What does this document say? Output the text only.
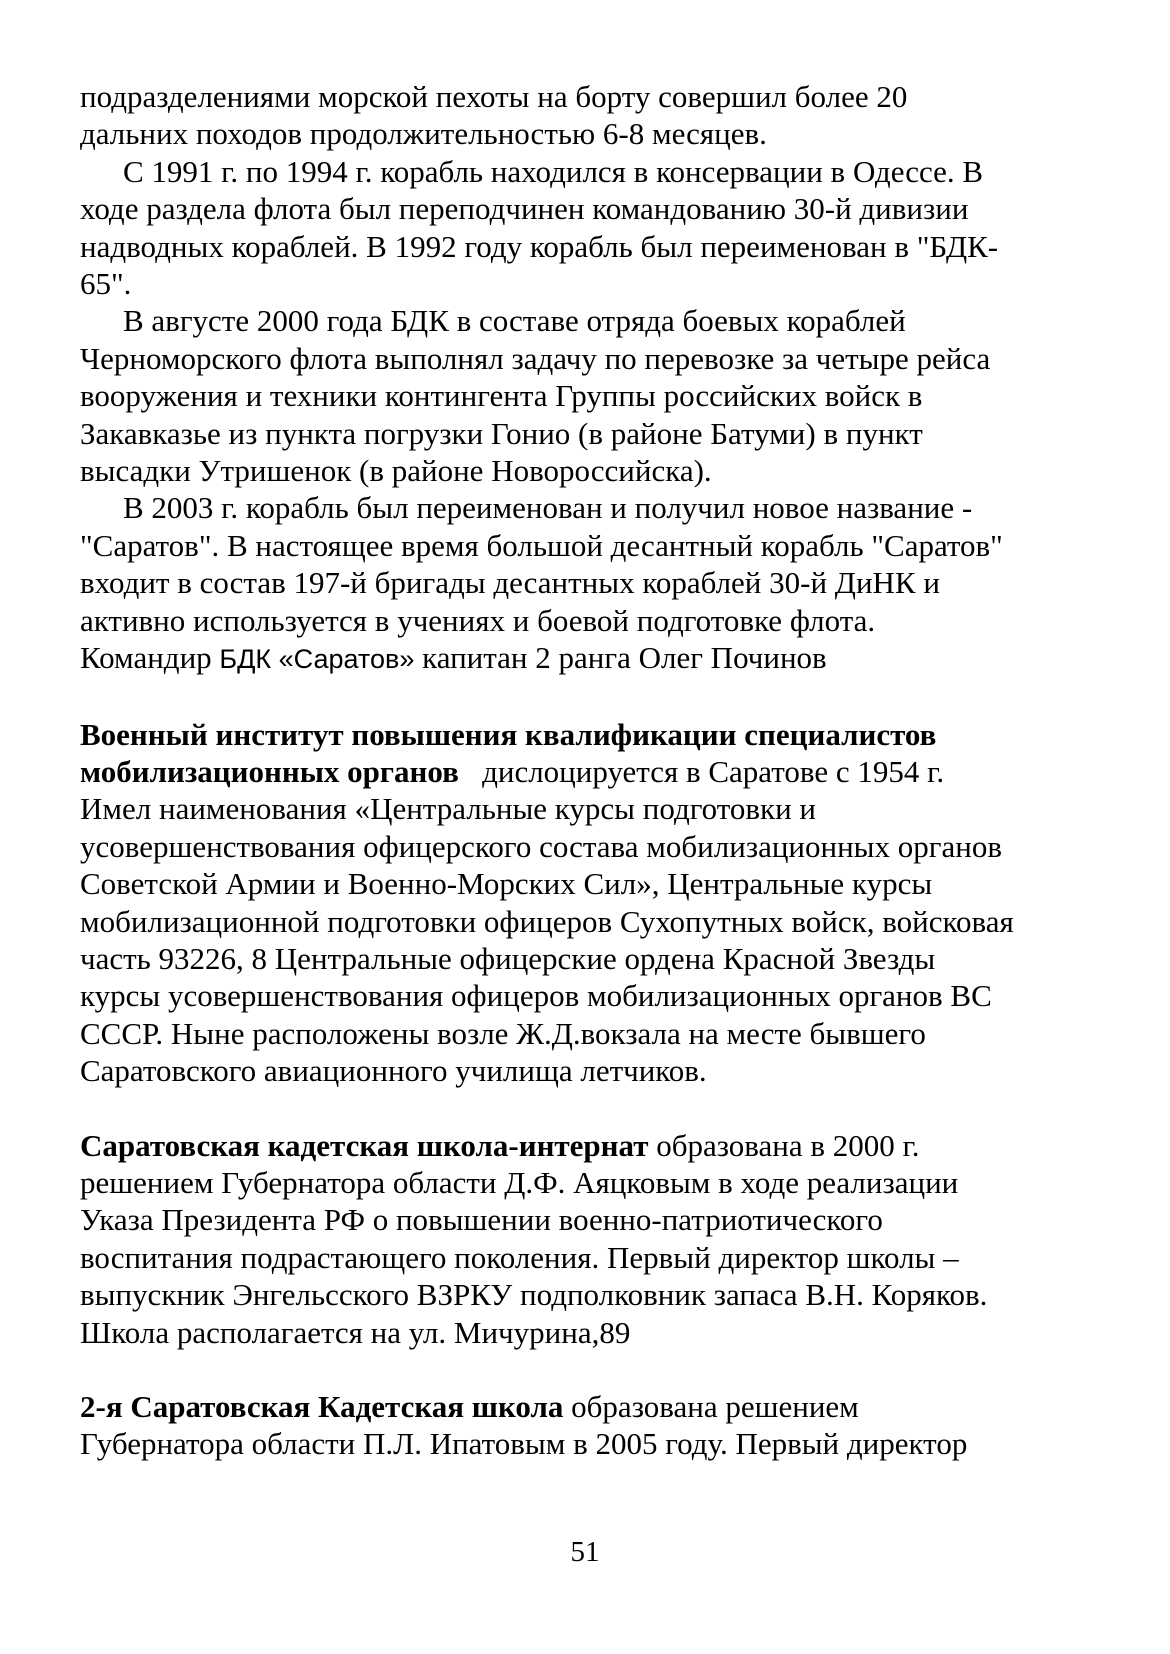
подразделениями морской пехоты на борту совершил более 20
дальних походов продолжительностью 6-8 месяцев.
С 1991 г. по 1994 г. корабль находился в консервации в Одессе. В
ходе раздела флота был переподчинен командованию 30-й дивизии
надводных кораблей. В 1992 году корабль был переименован в "БДК-
65".
В августе 2000 года БДК в составе отряда боевых кораблей
Черноморского флота выполнял задачу по перевозке за четыре рейса
вооружения и техники контингента Группы российских войск в
Закавказье из пункта погрузки Гонио (в районе Батуми) в пункт
высадки Утришенок (в районе Новороссийска).
В 2003 г. корабль был переименован и получил новое название -
"Саратов". В настоящее время большой десантный корабль "Саратов"
входит в состав 197-й бригады десантных кораблей 30-й ДиНК и
активно используется в учениях и боевой подготовке флота.
Командир БДК «Саратов» капитан 2 ранга Олег Починов
Военный институт повышения квалификации специалистов
мобилизационных органов   дислоцируется в Саратове с 1954 г.
Имел наименования «Центральные курсы подготовки и
усовершенствования офицерского состава мобилизационных органов
Советской Армии и Военно-Морских Сил», Центральные курсы
мобилизационной подготовки офицеров Сухопутных войск, войсковая
часть 93226, 8 Центральные офицерские ордена Красной Звезды
курсы усовершенствования офицеров мобилизационных органов ВС
СССР. Ныне расположены возле Ж.Д.вокзала на месте бывшего
Саратовского авиационного училища летчиков.
Саратовская кадетская школа-интернат образована в 2000 г.
решением Губернатора области Д.Ф. Аяцковым в ходе реализации
Указа Президента РФ о повышении военно-патриотического
воспитания подрастающего поколения. Первый директор школы –
выпускник Энгельсского ВЗРКУ подполковник запаса В.Н. Коряков.
Школа располагается на ул. Мичурина,89
2-я Саратовская Кадетская школа образована решением
Губернатора области П.Л. Ипатовым в 2005 году. Первый директор
51
